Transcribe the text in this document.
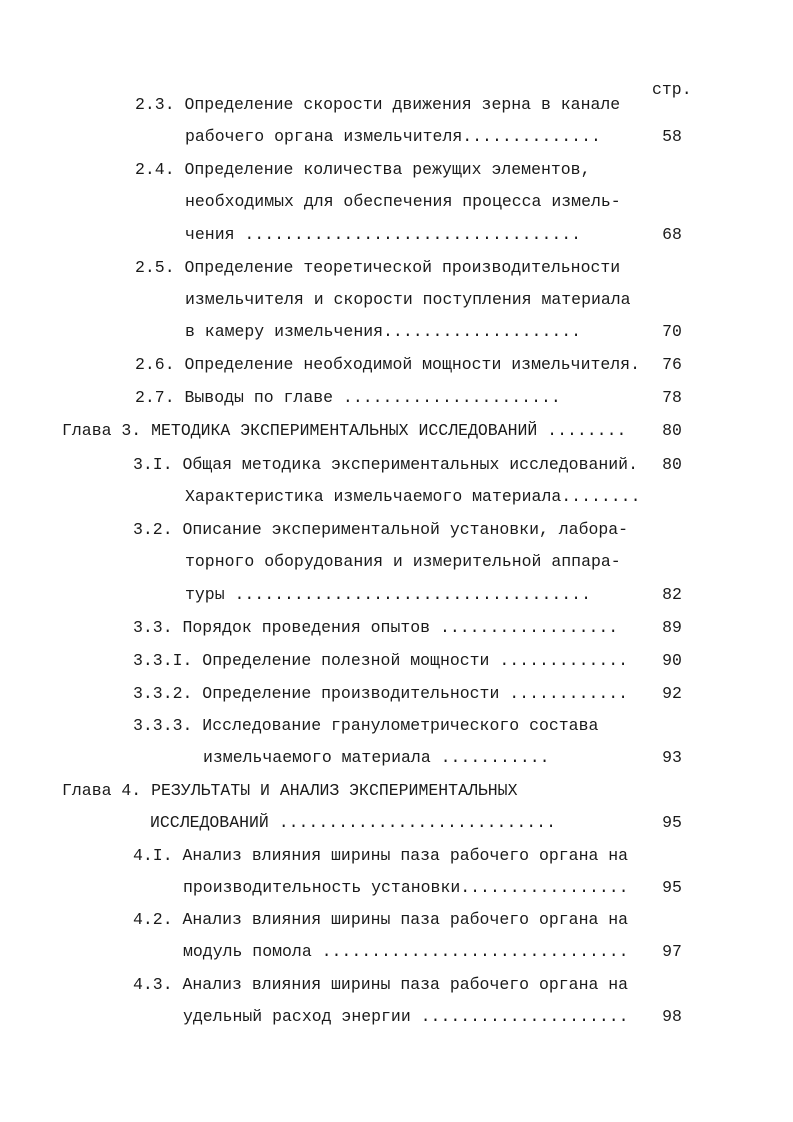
стр.
2.3. Определение скорости движения зерна в канале
рабочего органа измельчителя..............	58
2.4. Определение количества режущих элементов,
необходимых для обеспечения процесса измель-
чения ..................................	68
2.5. Определение теоретической производительности
измельчителя и скорости поступления материала
в камеру измельчения....................	70
2.6. Определение необходимой мощности измельчителя.	76
2.7. Выводы по главе ......................	78
Глава 3. МЕТОДИКА ЭКСПЕРИМЕНТАЛЬНЫХ ИССЛЕДОВАНИЙ ........	80
3.I. Общая методика экспериментальных исследований.	80
Характеристика измельчаемого материала........
3.2. Описание экспериментальной установки, лабора-
торного оборудования и измерительной аппара-
туры ....................................	82
3.3. Порядок проведения опытов ..................	89
3.3.I. Определение полезной мощности .............	90
3.3.2. Определение производительности ............	92
3.3.3. Исследование гранулометрического состава
измельчаемого материала ...........	93
Глава 4. РЕЗУЛЬТАТЫ И АНАЛИЗ ЭКСПЕРИМЕНТАЛЬНЫХ
ИССЛЕДОВАНИЙ ............................	95
4.I. Анализ влияния ширины паза рабочего органа на
производительность установки.................	95
4.2. Анализ влияния ширины паза рабочего органа на
модуль помола ...............................	97
4.3. Анализ влияния ширины паза рабочего органа на
удельный расход энергии .....................	98
